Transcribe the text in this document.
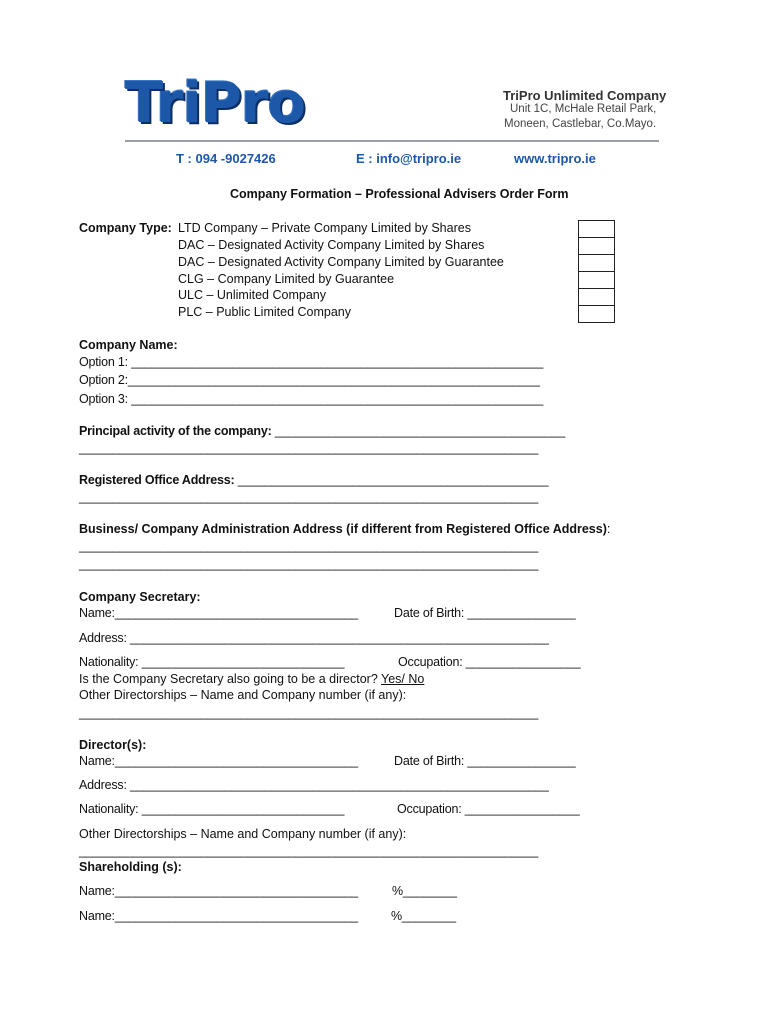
TriPro	TriPro Unlimited Company
Unit 1C, McHale Retail Park,
Moneen, Castlebar, Co.Mayo.
T : 094 -9027426	E : info@tripro.ie	www.tripro.ie
Company Formation – Professional Advisers Order Form
Company Type: LTD Company – Private Company Limited by Shares
DAC – Designated Activity Company Limited by Shares
DAC – Designated Activity Company Limited by Guarantee
CLG – Company Limited by Guarantee
ULC – Unlimited Company
PLC – Public Limited Company
Company Name:
Option 1: _____________________________________________________________
Option 2:_____________________________________________________________
Option 3: _____________________________________________________________
Principal activity of the company: ___________________________________________
____________________________________________________________________
Registered Office Address: ______________________________________________
____________________________________________________________________
Business/ Company Administration Address (if different from Registered Office Address):
____________________________________________________________________
____________________________________________________________________
Company Secretary:
Name:____________________________________	Date of Birth: ________________
Address: ______________________________________________________________
Nationality: ______________________________	Occupation: _________________
Is the Company Secretary also going to be a director? Yes/ No
Other Directorships – Name and Company number (if any):
____________________________________________________________________
Director(s):
Name:____________________________________	Date of Birth: ________________
Address: ______________________________________________________________
Nationality: ______________________________	Occupation: _________________
Other Directorships – Name and Company number (if any):
____________________________________________________________________
Shareholding (s):
Name:____________________________________	%________
Name:____________________________________	%________
